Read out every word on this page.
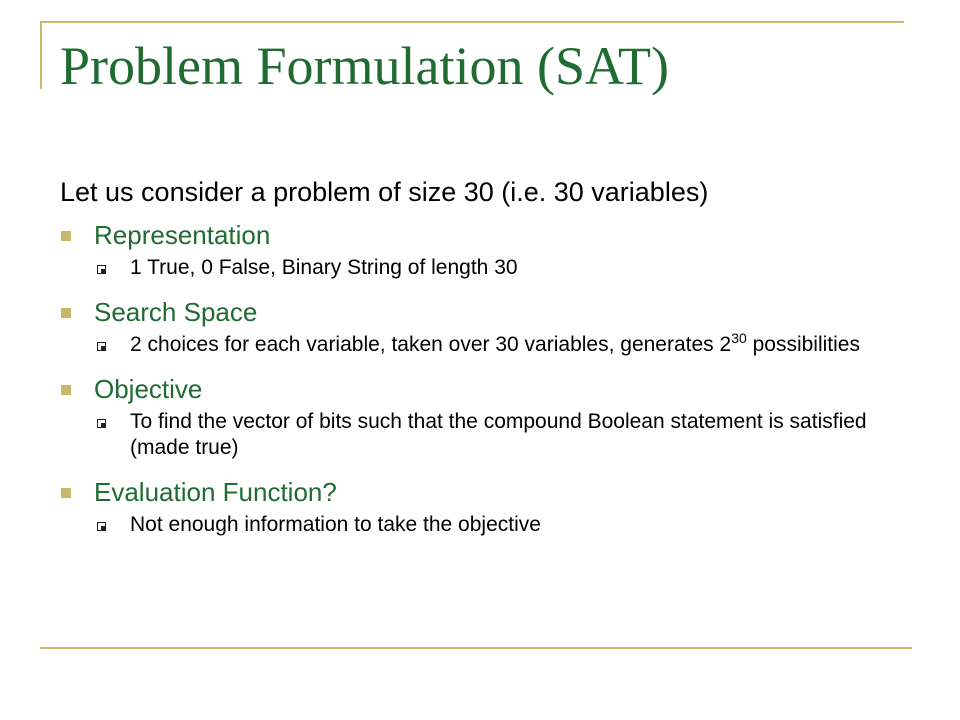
Problem Formulation (SAT)

Let us consider a problem of size 30 (i.e. 30 variables)

Representation

1 True, 0 False, Binary String of length 30

Search Space

2 choices for each variable, taken over 30 variables, generates $2^{30}$ possibilities

Objective

To find the vector of bits such that the compound Boolean statement is satisfied (made true)

Evaluation Function?

Not enough information to take the objective
